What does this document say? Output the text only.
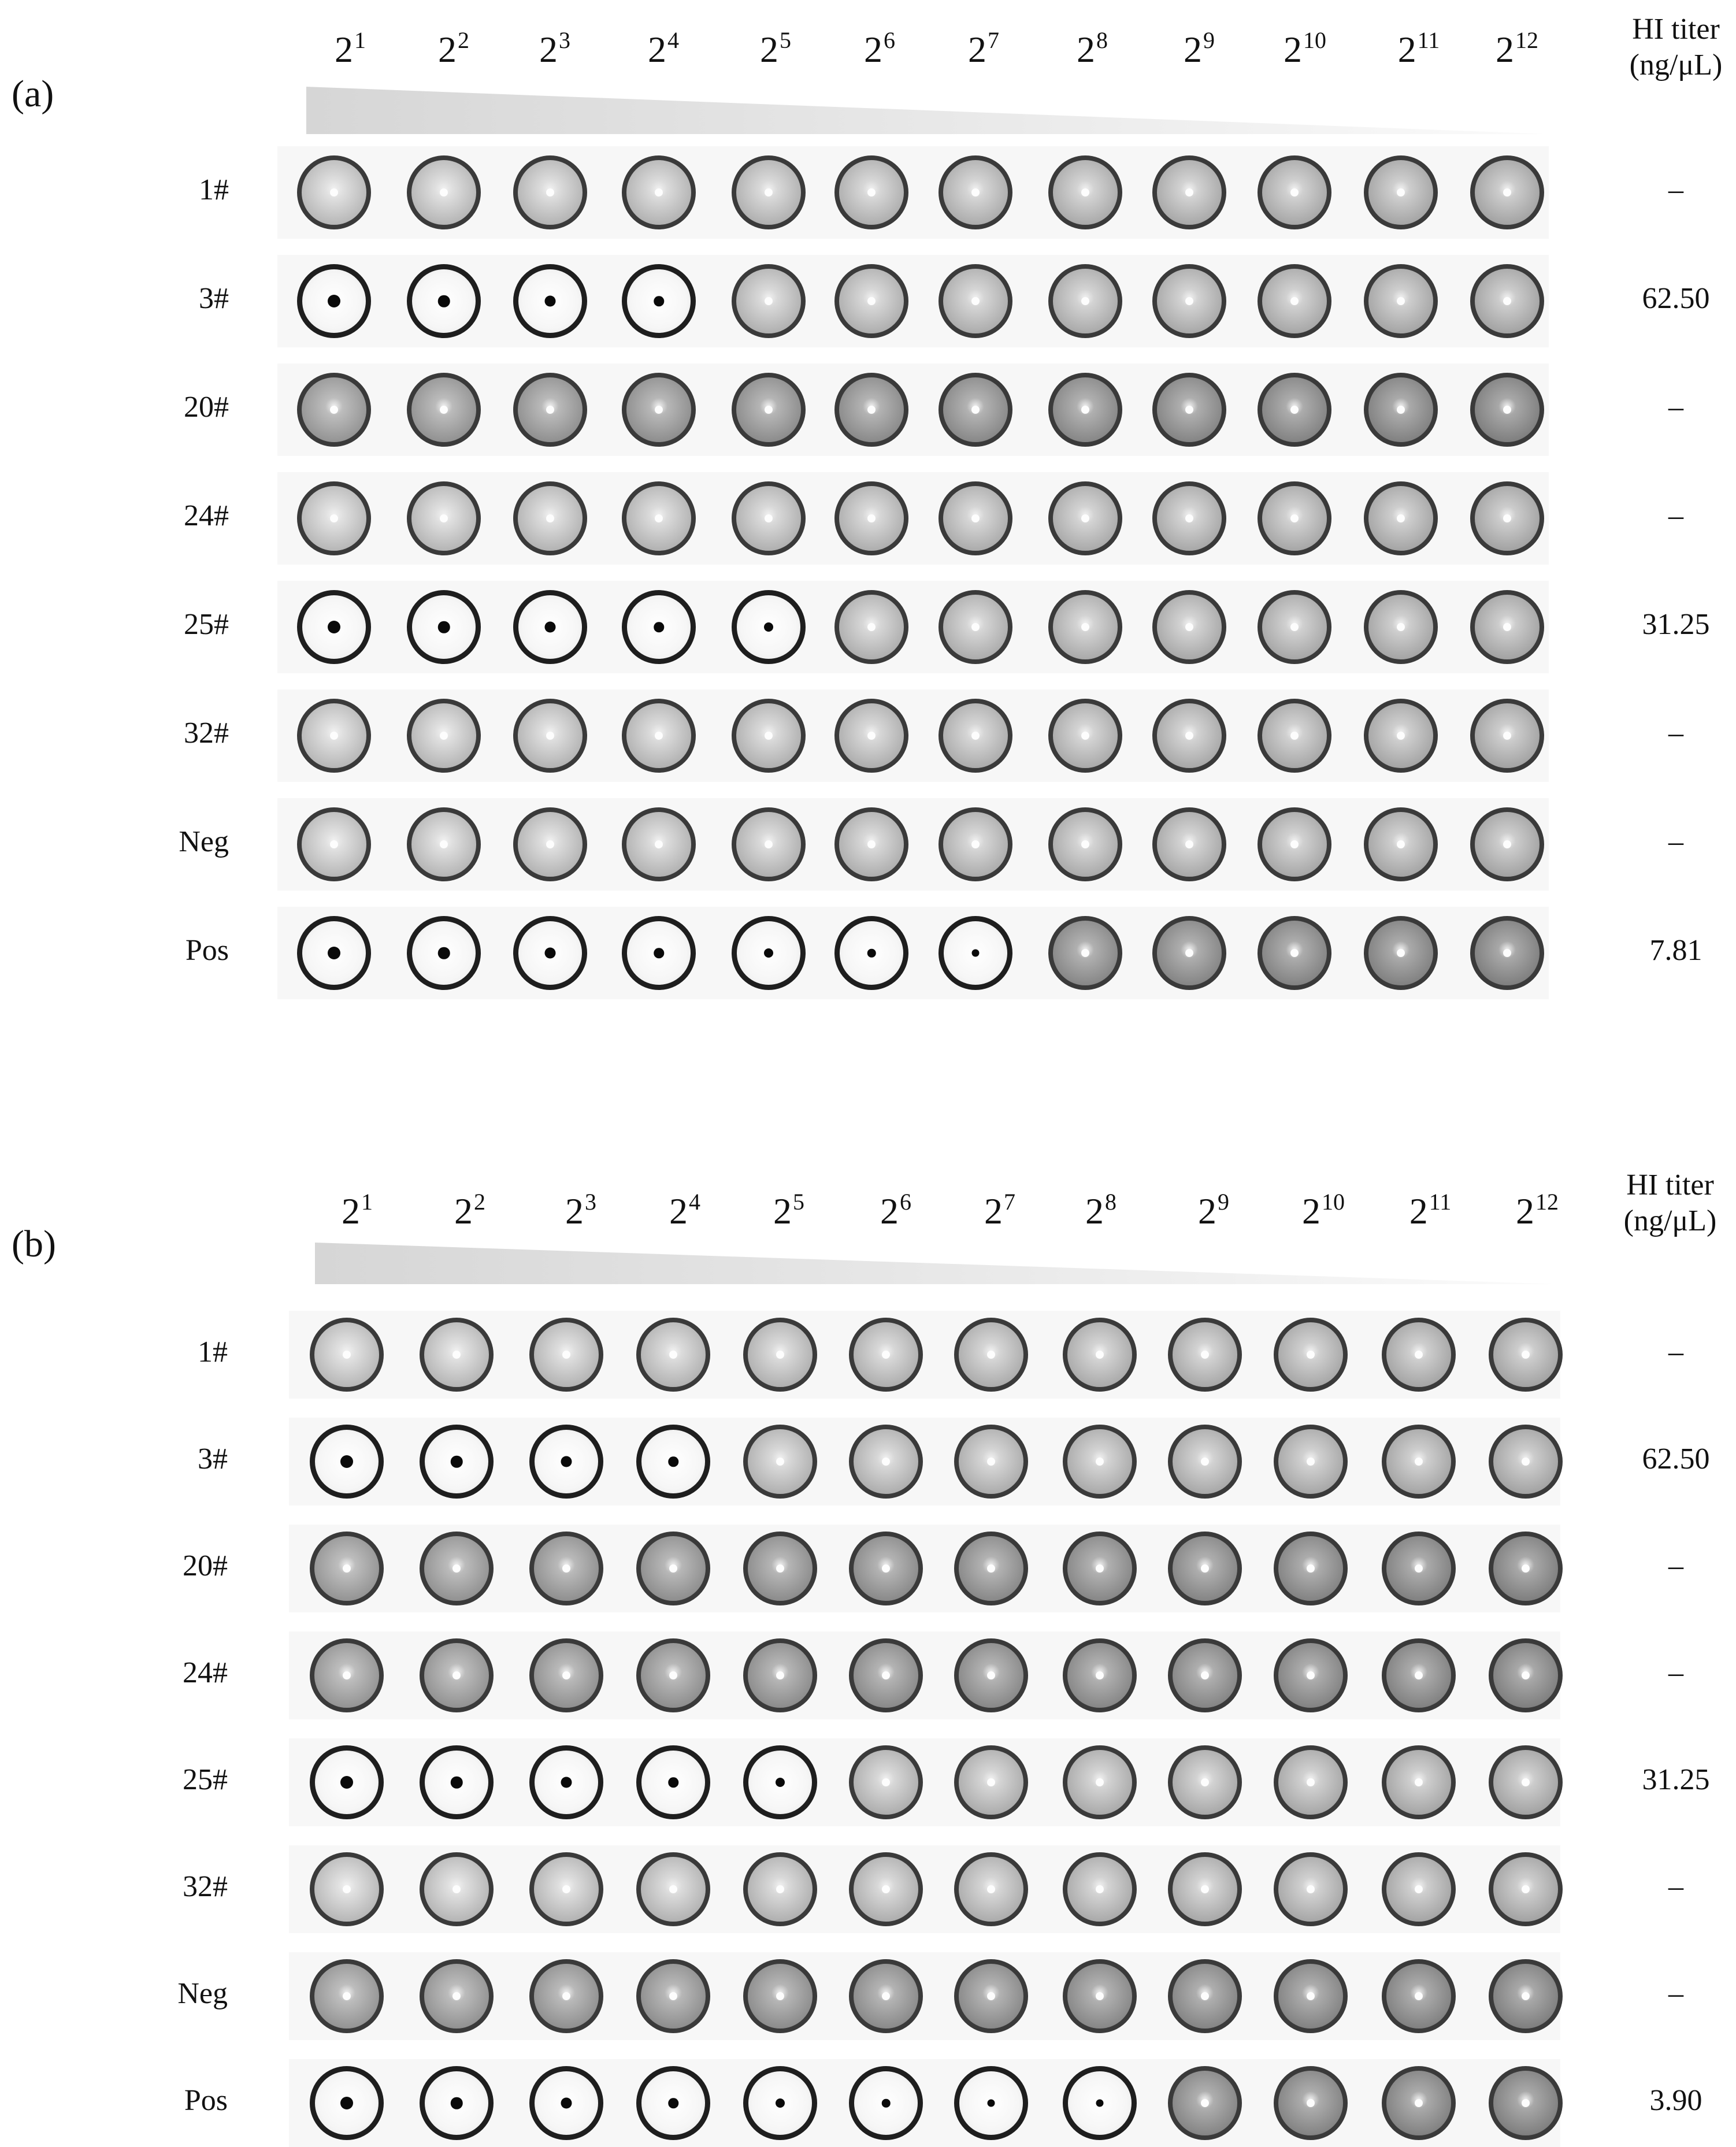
(a)
$2^1$ $2^2$ $2^3$ $2^4$ $2^5$ $2^6$ $2^7$ $2^8$ $2^9$ $2^{10}$ $2^{11}$ $2^{12}$	HI titer
(ng/μL)
1#	–
3#	62.50
20#	–
24#	–
25#	31.25
32#	–
Neg	–
Pos	7.81
(b)
$2^1$ $2^2$ $2^3$ $2^4$ $2^5$ $2^6$ $2^7$ $2^8$ $2^9$ $2^{10}$ $2^{11}$ $2^{12}$
HI titer
(ng/μL)
1#	–
3#	62.50
20#	–
24#	–
25#	31.25
32#	–
Neg	–
Pos	3.90
